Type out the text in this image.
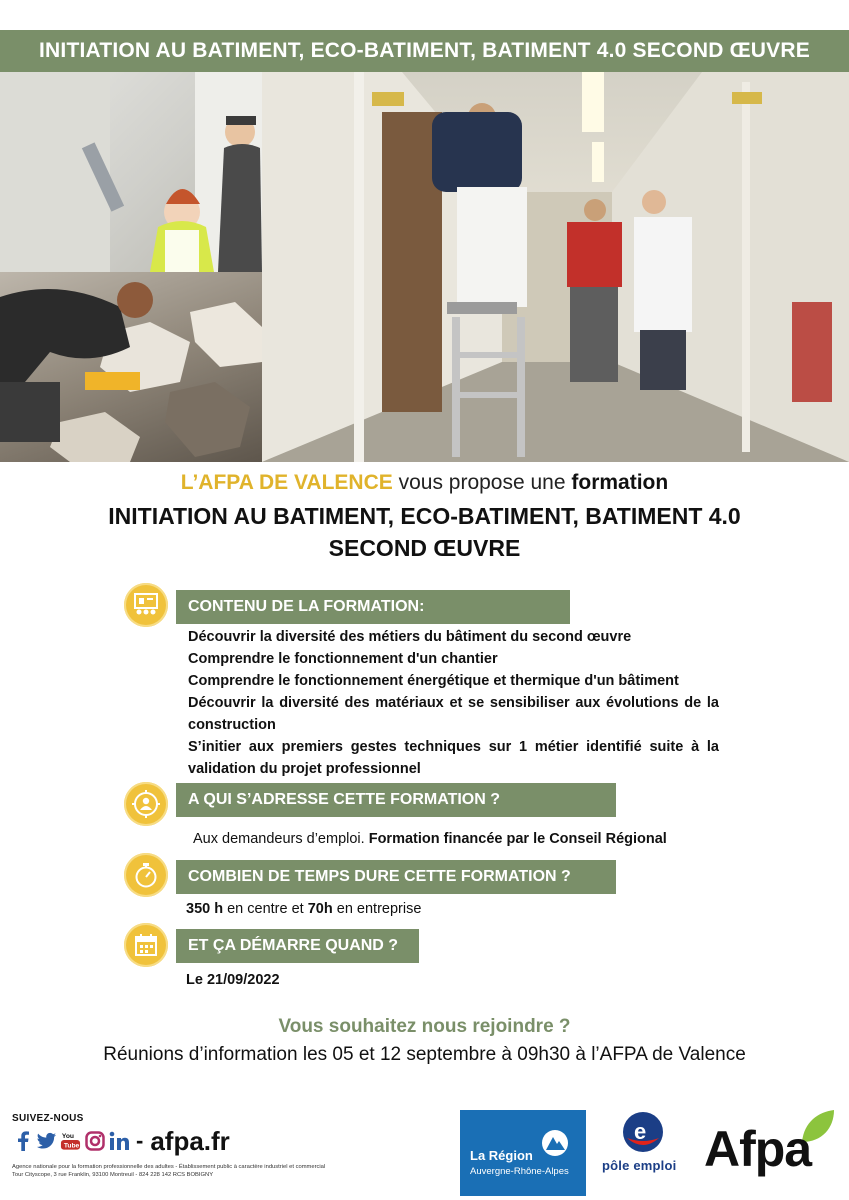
INITIATION AU BATIMENT, ECO-BATIMENT, BATIMENT 4.0 SECOND ŒUVRE
L’AFPA DE VALENCE vous propose une formation
INITIATION AU BATIMENT, ECO-BATIMENT, BATIMENT 4.0
SECOND ŒUVRE
CONTENU DE LA FORMATION:
Découvrir la diversité des métiers du bâtiment du second œuvre
Comprendre le fonctionnement d'un chantier
Comprendre le fonctionnement énergétique et thermique d'un bâtiment
Découvrir la diversité des matériaux et se sensibiliser aux évolutions de la construction
S’initier aux premiers gestes techniques sur 1 métier identifié suite à la validation du projet professionnel
A QUI S’ADRESSE CETTE FORMATION ?
Aux demandeurs d’emploi. Formation financée par le Conseil Régional
COMBIEN DE TEMPS DURE CETTE FORMATION ?
350 h en centre et 70h en entreprise
ET ÇA DÉMARRE QUAND ?
Le 21/09/2022
Vous souhaitez nous rejoindre ?
Réunions d’information les 05 et 12 septembre à 09h30 à l’AFPA de Valence
SUIVEZ-NOUS
You
Tube	- afpa.fr
Agence nationale pour la formation professionnelle des adultes - Établissement public à caractère industriel et commercial
Tour Cityscope, 3 rue Franklin, 93100 Montreuil - 824 228 142 RCS BOBIGNY
La Région
Auvergne-Rhône-Alpes
e
pôle emploi Afpa
